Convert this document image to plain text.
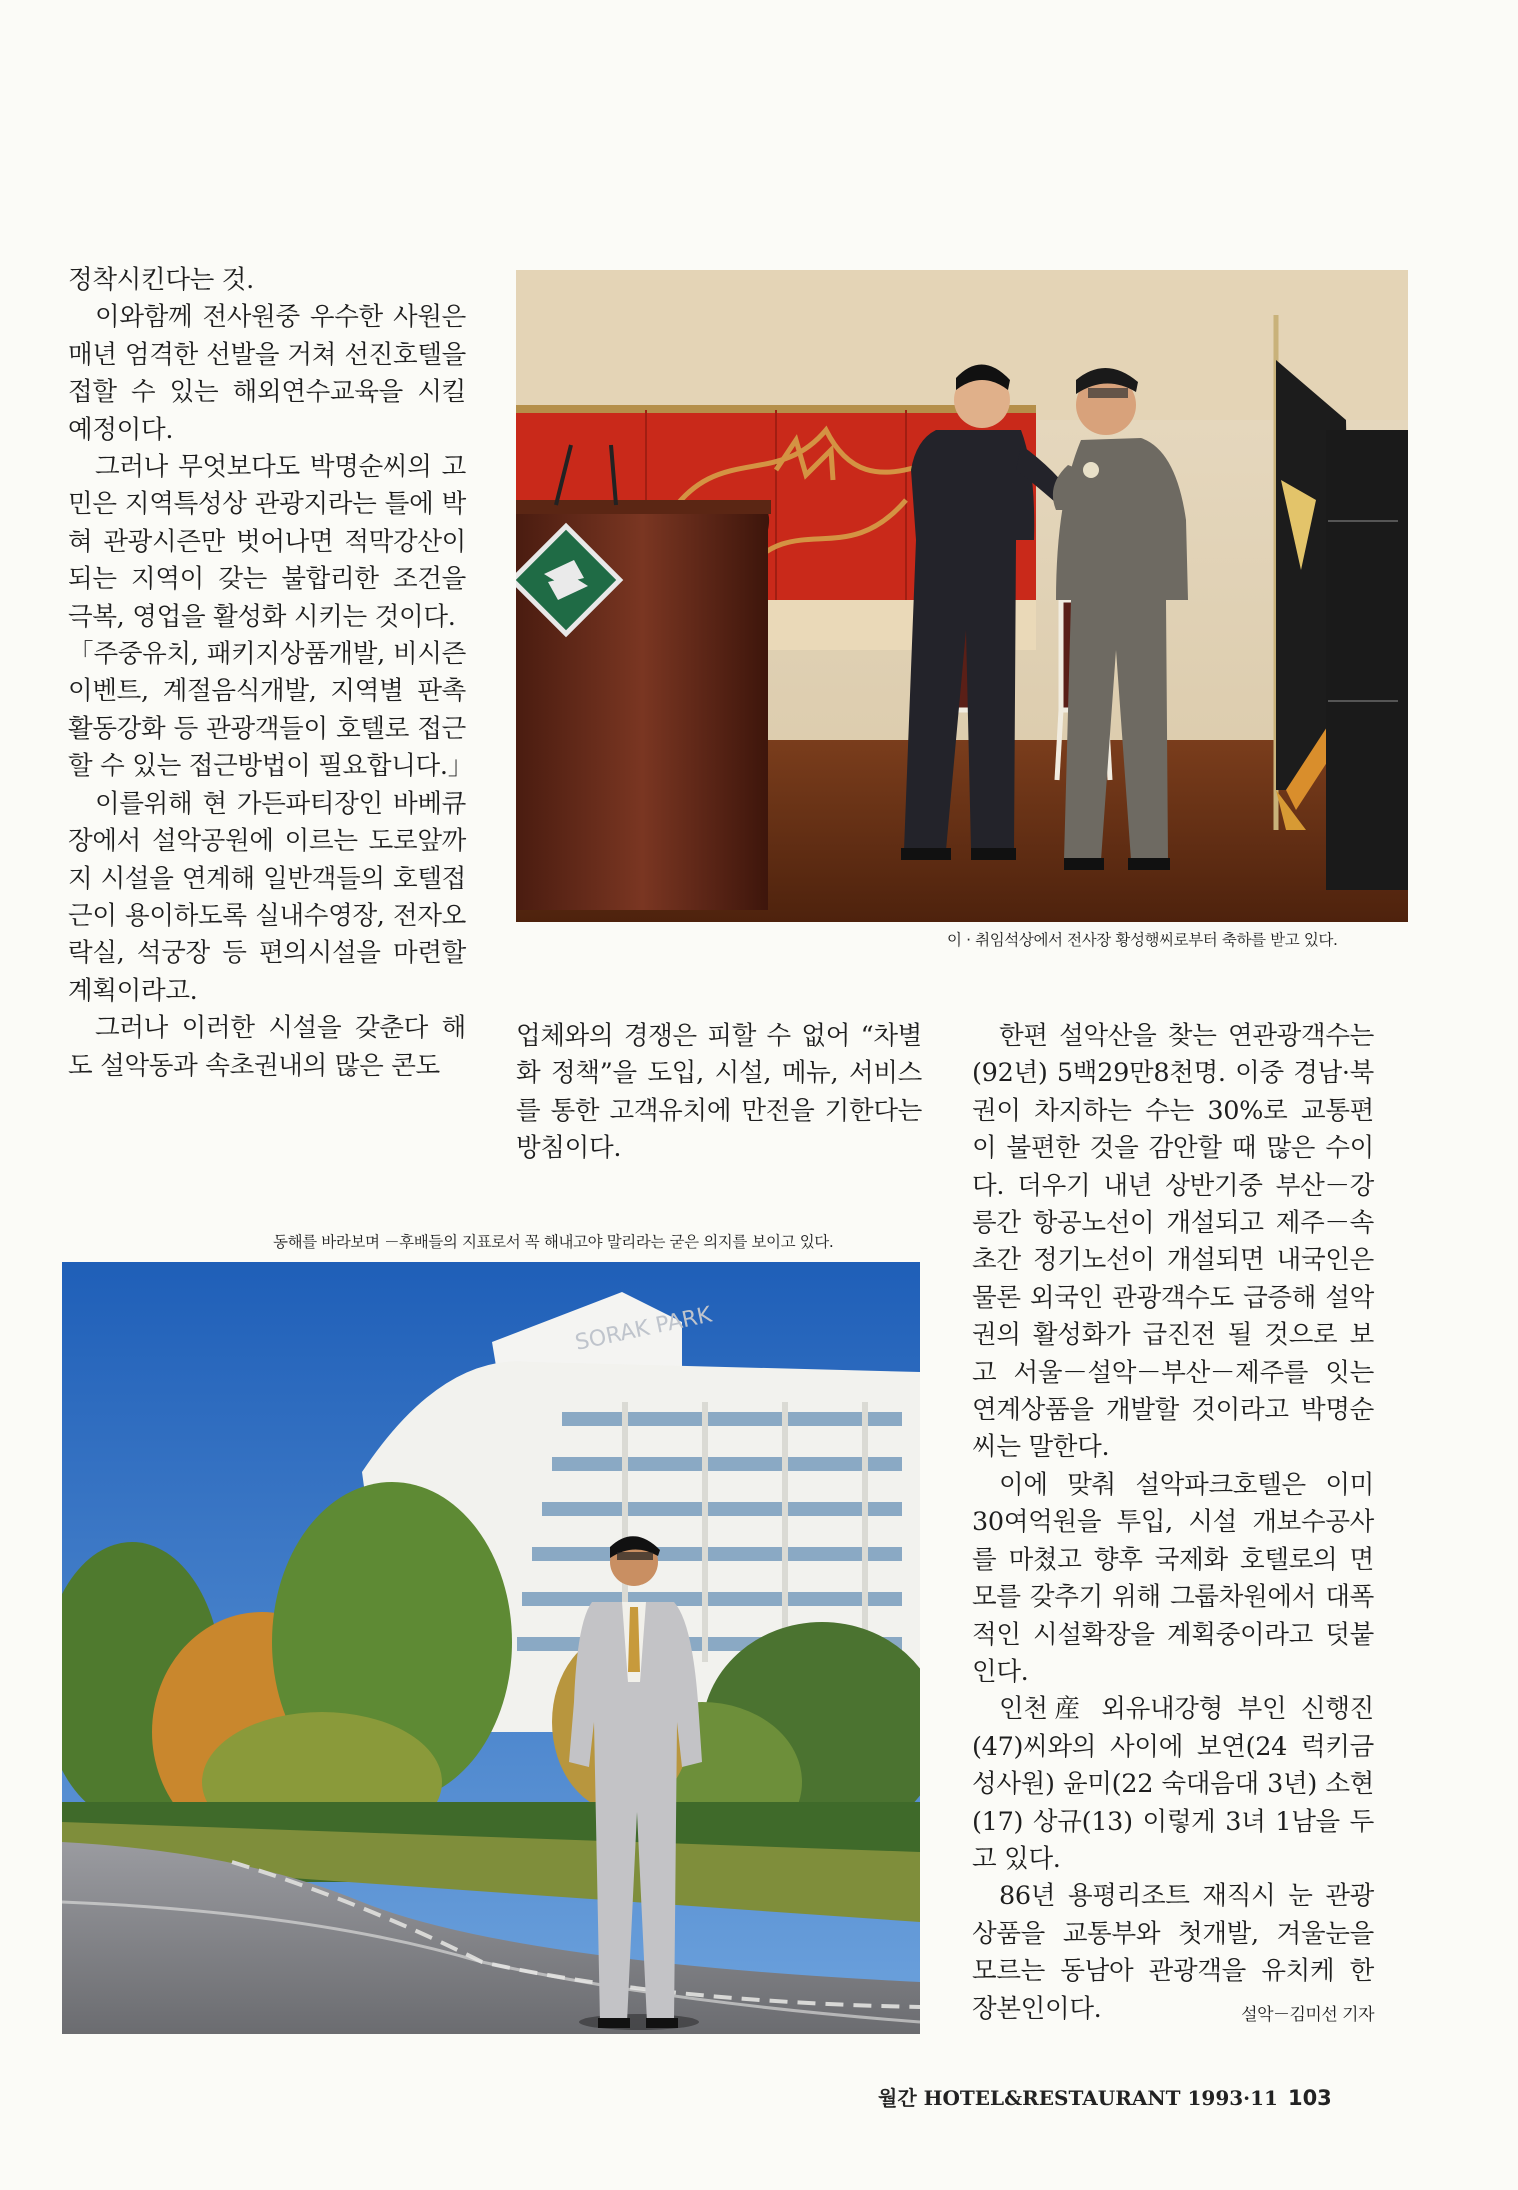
정착시킨다는 것.

이와함께 전사원중 우수한 사원은 매년 엄격한 선발을 거쳐 선진호텔을 접할 수 있는 해외연수교육을 시킬 예정이다.

그러나 무엇보다도 박명순씨의 고민은 지역특성상 관광지라는 틀에 박혀 관광시즌만 벗어나면 적막강산이 되는 지역이 갖는 불합리한 조건을 극복, 영업을 활성화 시키는 것이다.

「주중유치, 패키지상품개발, 비시즌 이벤트, 계절음식개발, 지역별 판촉활동강화 등 관광객들이 호텔로 접근할 수 있는 접근방법이 필요합니다.」

이를위해 현 가든파티장인 바베큐장에서 설악공원에 이르는 도로앞까지 시설을 연계해 일반객들의 호텔접근이 용이하도록 실내수영장, 전자오락실, 석궁장 등 편의시설을 마련할 계획이라고.

그러나 이러한 시설을 갖춘다 해도 설악동과 속초권내의 많은 콘도

이 · 취임석상에서 전사장 황성행씨로부터 축하를 받고 있다.

업체와의 경쟁은 피할 수 없어 “차별화 정책”을 도입, 시설, 메뉴, 서비스를 통한 고객유치에 만전을 기한다는 방침이다.

한편 설악산을 찾는 연관광객수는 (92년) 5백29만8천명. 이중 경남·북권이 차지하는 수는 30%로 교통편이 불편한 것을 감안할 때 많은 수이다. 더우기 내년 상반기중 부산－강릉간 항공노선이 개설되고 제주－속초간 정기노선이 개설되면 내국인은 물론 외국인 관광객수도 급증해 설악권의 활성화가 급진전 될 것으로 보고 서울－설악－부산－제주를 잇는 연계상품을 개발할 것이라고 박명순씨는 말한다.

이에 맞춰 설악파크호텔은 이미 30여억원을 투입, 시설 개보수공사를 마쳤고 향후 국제화 호텔로의 면모를 갖추기 위해 그룹차원에서 대폭적인 시설확장을 계획중이라고 덧붙인다.

인천産 외유내강형 부인 신행진(47)씨와의 사이에 보연(24 럭키금성사원) 윤미(22 숙대음대 3년) 소현(17) 상규(13) 이렇게 3녀 1남을 두고 있다.

86년 용평리조트 재직시 눈 관광상품을 교통부와 첫개발, 겨울눈을 모르는 동남아 관광객을 유치케 한 장본인이다.	설악－김미선 기자

동해를 바라보며 －후배들의 지표로서 꼭 해내고야 말리라는 굳은 의지를 보이고 있다.
SORAK PARK
월간 HOTEL&RESTAURANT 1993·11 103
